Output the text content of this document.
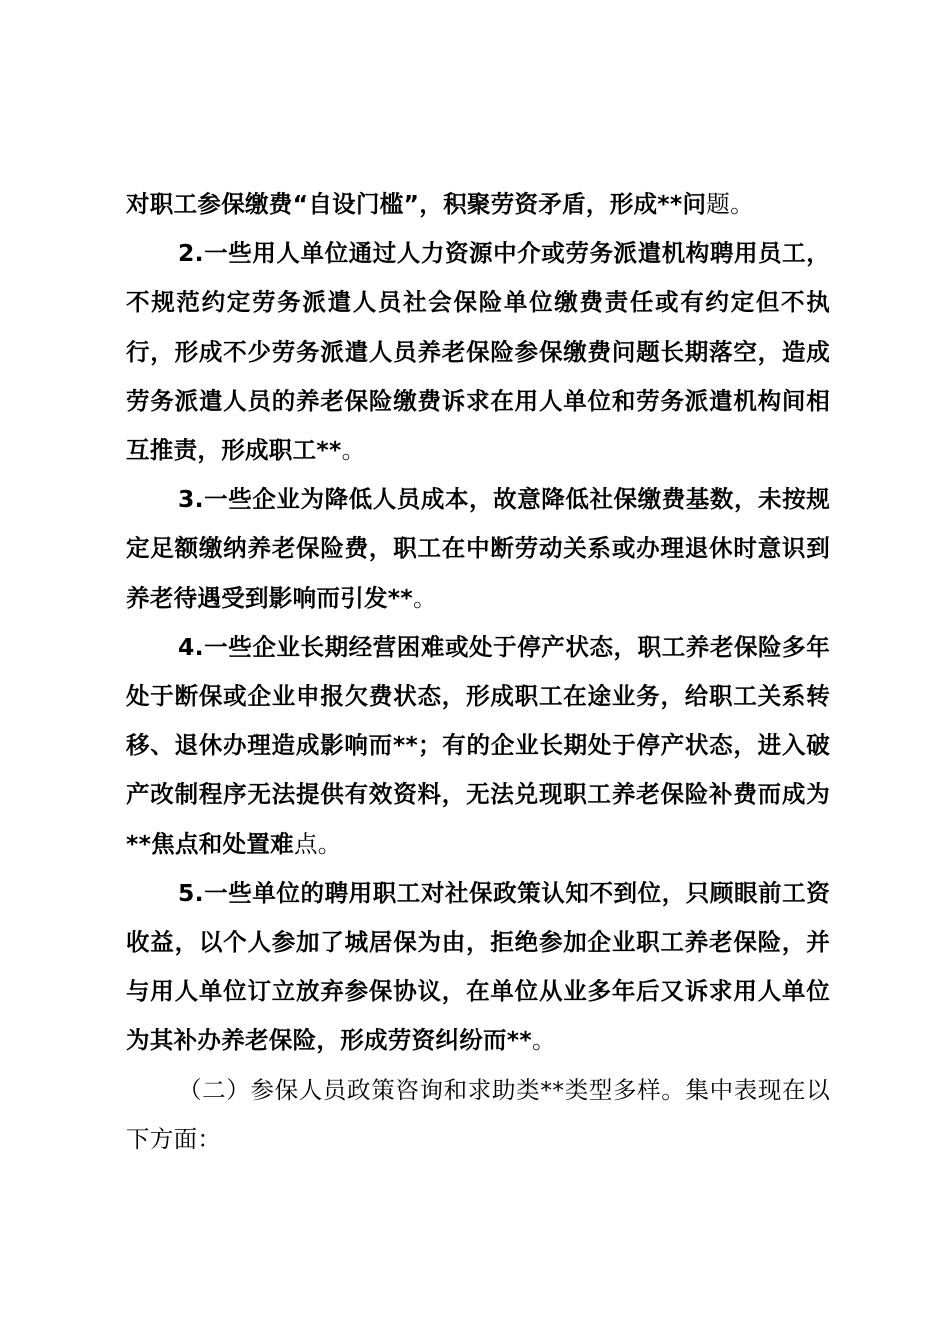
对职工参保缴费“自设门槛”，积聚劳资矛盾，形成**问题。

2.一些用人单位通过人力资源中介或劳务派遣机构聘用员工，不规范约定劳务派遣人员社会保险单位缴费责任或有约定但不执行，形成不少劳务派遣人员养老保险参保缴费问题长期落空，造成劳务派遣人员的养老保险缴费诉求在用人单位和劳务派遣机构间相互推责，形成职工**。

3.一些企业为降低人员成本，故意降低社保缴费基数，未按规定足额缴纳养老保险费，职工在中断劳动关系或办理退休时意识到养老待遇受到影响而引发**。

4.一些企业长期经营困难或处于停产状态，职工养老保险多年处于断保或企业申报欠费状态，形成职工在途业务，给职工关系转移、退休办理造成影响而**；有的企业长期处于停产状态，进入破产改制程序无法提供有效资料，无法兑现职工养老保险补费而成为**焦点和处置难点。

5.一些单位的聘用职工对社保政策认知不到位，只顾眼前工资收益，以个人参加了城居保为由，拒绝参加企业职工养老保险，并与用人单位订立放弃参保协议，在单位从业多年后又诉求用人单位为其补办养老保险，形成劳资纠纷而**。

（二）参保人员政策咨询和求助类**类型多样。集中表现在以下方面：
